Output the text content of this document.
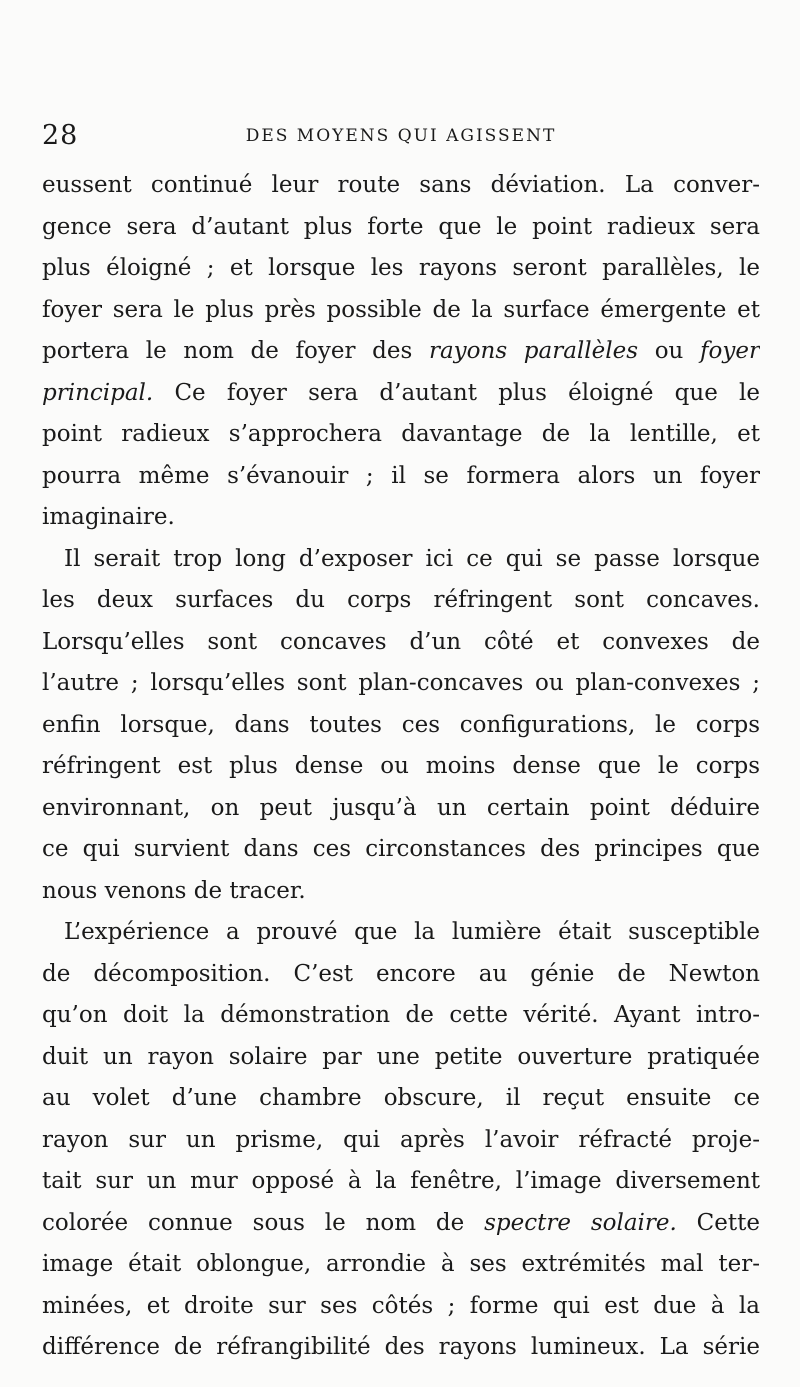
28	DES MOYENS QUI AGISSENT
eussent continué leur route sans déviation. La conver-
gence sera d’autant plus forte que le point radieux sera
plus éloigné ; et lorsque les rayons seront parallèles, le
foyer sera le plus près possible de la surface émergente et
portera le nom de foyer des rayons parallèles ou foyer
principal. Ce foyer sera d’autant plus éloigné que le
point radieux s’approchera davantage de la lentille, et
pourra même s’évanouir ; il se formera alors un foyer
imaginaire.
Il serait trop long d’exposer ici ce qui se passe lorsque
les deux surfaces du corps réfringent sont concaves.
Lorsqu’elles sont concaves d’un côté et convexes de
l’autre ; lorsqu’elles sont plan-concaves ou plan-convexes ;
enfin lorsque, dans toutes ces configurations, le corps
réfringent est plus dense ou moins dense que le corps
environnant, on peut jusqu’à un certain point déduire
ce qui survient dans ces circonstances des principes que
nous venons de tracer.
L’expérience a prouvé que la lumière était susceptible
de décomposition. C’est encore au génie de Newton
qu’on doit la démonstration de cette vérité. Ayant intro-
duit un rayon solaire par une petite ouverture pratiquée
au volet d’une chambre obscure, il reçut ensuite ce
rayon sur un prisme, qui après l’avoir réfracté proje-
tait sur un mur opposé à la fenêtre, l’image diversement
colorée connue sous le nom de spectre solaire. Cette
image était oblongue, arrondie à ses extrémités mal ter-
minées, et droite sur ses côtés ; forme qui est due à la
différence de réfrangibilité des rayons lumineux. La série
